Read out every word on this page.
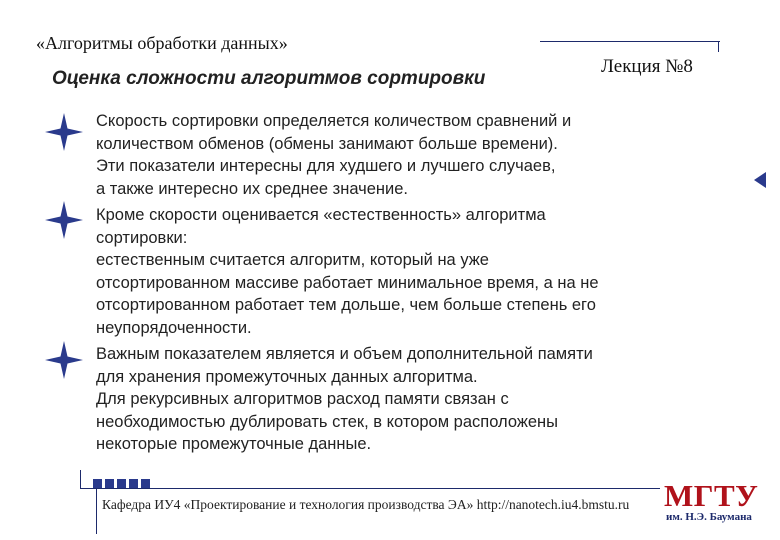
«Алгоритмы обработки данных»
Лекция №8
Оценка сложности алгоритмов сортировки
Скорость сортировки определяется количеством сравнений и
количеством обменов (обмены занимают больше времени).
Эти показатели интересны для худшего и лучшего случаев,
а также интересно их среднее значение.
Кроме скорости оценивается «естественность» алгоритма
сортировки:
естественным считается алгоритм, который на уже
отсортированном массиве работает минимальное время, а на не
отсортированном работает тем дольше, чем больше степень его
неупорядоченности.
Важным показателем является и объем дополнительной памяти
для хранения промежуточных данных алгоритма.
Для рекурсивных алгоритмов расход памяти связан с
необходимостью дублировать стек, в котором расположены
некоторые промежуточные данные.
Кафедра ИУ4 «Проектирование и технология производства ЭА» http://nanotech.iu4.bmstu.ru МГТУ
им. Н.Э. Баумана
